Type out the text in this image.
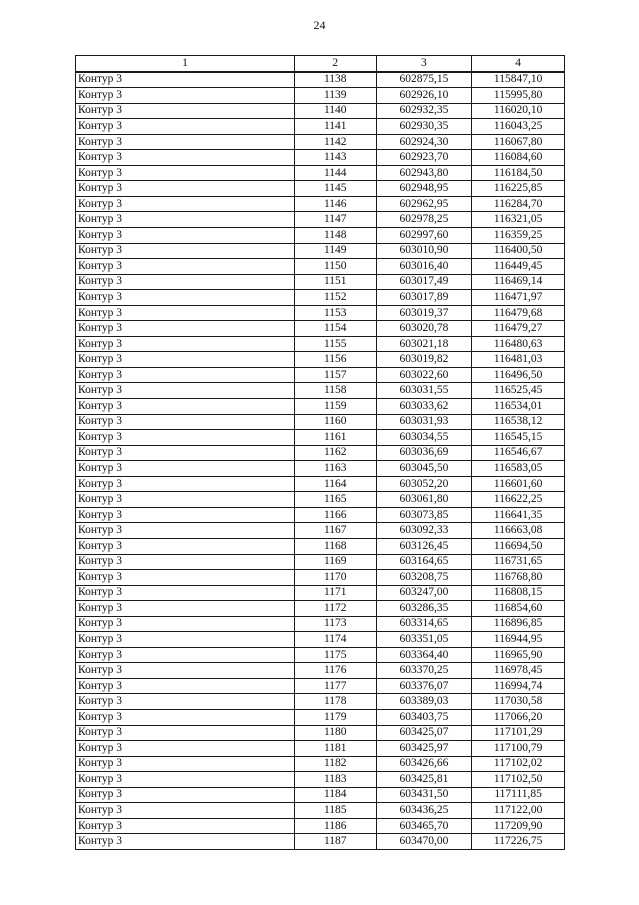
24
1	2	3	4
Контур 3	1138	602875,15	115847,10
Контур 3	1139	602926,10	115995,80
Контур 3	1140	602932,35	116020,10
Контур 3	1141	602930,35	116043,25
Контур 3	1142	602924,30	116067,80
Контур 3	1143	602923,70	116084,60
Контур 3	1144	602943,80	116184,50
Контур 3	1145	602948,95	116225,85
Контур 3	1146	602962,95	116284,70
Контур 3	1147	602978,25	116321,05
Контур 3	1148	602997,60	116359,25
Контур 3	1149	603010,90	116400,50
Контур 3	1150	603016,40	116449,45
Контур 3	1151	603017,49	116469,14
Контур 3	1152	603017,89	116471,97
Контур 3	1153	603019,37	116479,68
Контур 3	1154	603020,78	116479,27
Контур 3	1155	603021,18	116480,63
Контур 3	1156	603019,82	116481,03
Контур 3	1157	603022,60	116496,50
Контур 3	1158	603031,55	116525,45
Контур 3	1159	603033,62	116534,01
Контур 3	1160	603031,93	116538,12
Контур 3	1161	603034,55	116545,15
Контур 3	1162	603036,69	116546,67
Контур 3	1163	603045,50	116583,05
Контур 3	1164	603052,20	116601,60
Контур 3	1165	603061,80	116622,25
Контур 3	1166	603073,85	116641,35
Контур 3	1167	603092,33	116663,08
Контур 3	1168	603126,45	116694,50
Контур 3	1169	603164,65	116731,65
Контур 3	1170	603208,75	116768,80
Контур 3	1171	603247,00	116808,15
Контур 3	1172	603286,35	116854,60
Контур 3	1173	603314,65	116896,85
Контур 3	1174	603351,05	116944,95
Контур 3	1175	603364,40	116965,90
Контур 3	1176	603370,25	116978,45
Контур 3	1177	603376,07	116994,74
Контур 3	1178	603389,03	117030,58
Контур 3	1179	603403,75	117066,20
Контур 3	1180	603425,07	117101,29
Контур 3	1181	603425,97	117100,79
Контур 3	1182	603426,66	117102,02
Контур 3	1183	603425,81	117102,50
Контур 3	1184	603431,50	117111,85
Контур 3	1185	603436,25	117122,00
Контур 3	1186	603465,70	117209,90
Контур 3	1187	603470,00	117226,75
